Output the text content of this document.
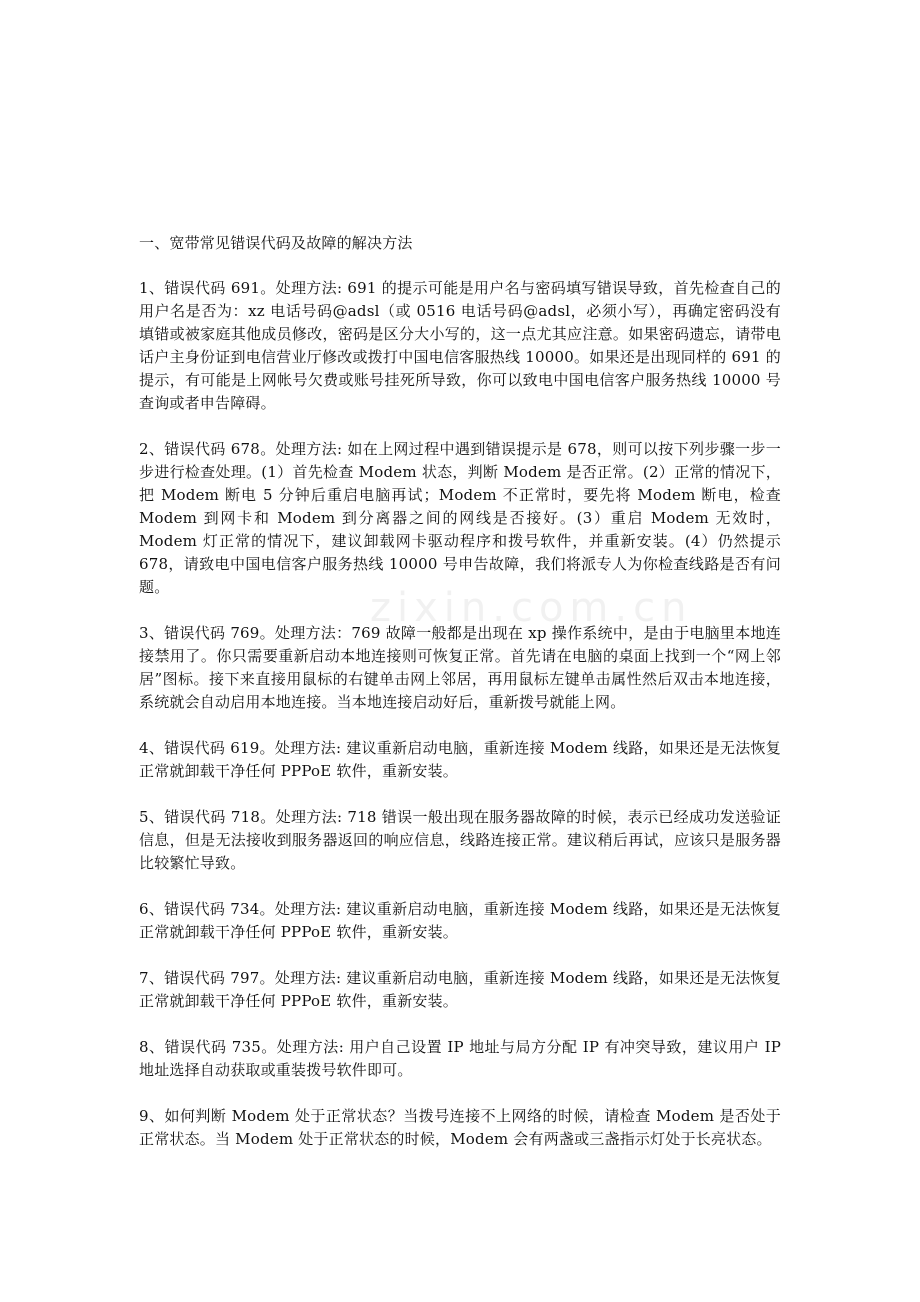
zixin.com.cn

一、宽带常见错误代码及故障的解决方法

1、错误代码 691。处理方法: 691 的提示可能是用户名与密码填写错误导致，首先检查自己的用户名是否为：xz 电话号码@adsl（或 0516 电话号码@adsl，必须小写），再确定密码没有填错或被家庭其他成员修改，密码是区分大小写的，这一点尤其应注意。如果密码遗忘，请带电话户主身份证到电信营业厅修改或拨打中国电信客服热线 10000。如果还是出现同样的 691 的提示，有可能是上网帐号欠费或账号挂死所导致，你可以致电中国电信客户服务热线 10000 号查询或者申告障碍。

2、错误代码 678。处理方法: 如在上网过程中遇到错误提示是 678，则可以按下列步骤一步一步进行检查处理。(1）首先检查 Modem 状态，判断 Modem 是否正常。(2）正常的情况下，把 Modem 断电 5 分钟后重启电脑再试；Modem 不正常时，要先将 Modem 断电，检查 Modem 到网卡和 Modem 到分离器之间的网线是否接好。(3）重启 Modem 无效时，Modem 灯正常的情况下，建议卸载网卡驱动程序和拨号软件，并重新安装。(4）仍然提示 678，请致电中国电信客户服务热线 10000 号申告故障，我们将派专人为你检查线路是否有问题。

3、错误代码 769。处理方法：769 故障一般都是出现在 xp 操作系统中，是由于电脑里本地连接禁用了。你只需要重新启动本地连接则可恢复正常。首先请在电脑的桌面上找到一个“网上邻居”图标。接下来直接用鼠标的右键单击网上邻居，再用鼠标左键单击属性然后双击本地连接，系统就会自动启用本地连接。当本地连接启动好后，重新拨号就能上网。

4、错误代码 619。处理方法: 建议重新启动电脑，重新连接 Modem 线路，如果还是无法恢复正常就卸载干净任何 PPPoE 软件，重新安装。

5、错误代码 718。处理方法: 718 错误一般出现在服务器故障的时候，表示已经成功发送验证信息，但是无法接收到服务器返回的响应信息，线路连接正常。建议稍后再试，应该只是服务器比较繁忙导致。

6、错误代码 734。处理方法: 建议重新启动电脑，重新连接 Modem 线路，如果还是无法恢复正常就卸载干净任何 PPPoE 软件，重新安装。

7、错误代码 797。处理方法: 建议重新启动电脑，重新连接 Modem 线路，如果还是无法恢复正常就卸载干净任何 PPPoE 软件，重新安装。

8、错误代码 735。处理方法: 用户自己设置 IP 地址与局方分配 IP 有冲突导致，建议用户 IP 地址选择自动获取或重装拨号软件即可。

9、如何判断 Modem 处于正常状态？当拨号连接不上网络的时候，请检查 Modem 是否处于正常状态。当 Modem 处于正常状态的时候，Modem 会有两盏或三盏指示灯处于长亮状态。
